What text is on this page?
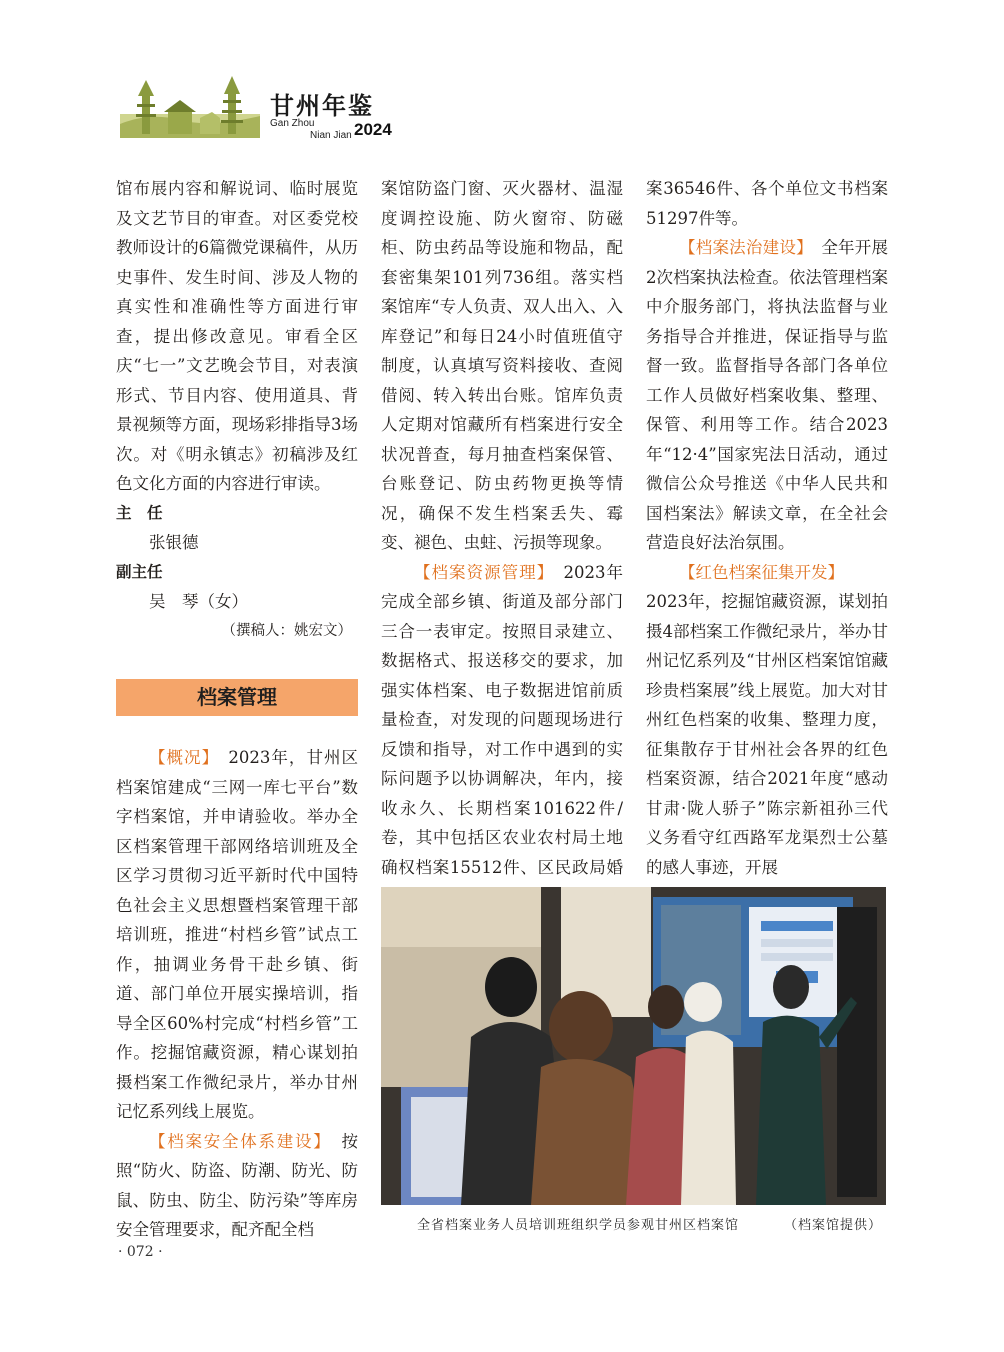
甘州年鉴
Gan Zhou
Nian Jian 2024

馆布展内容和解说词、临时展览及文艺节目的审查。对区委党校教师设计的6篇微党课稿件，从历史事件、发生时间、涉及人物的真实性和准确性等方面进行审查，提出修改意见。审看全区庆“七一”文艺晚会节目，对表演形式、节目内容、使用道具、背景视频等方面，现场彩排指导3场次。对《明永镇志》初稿涉及红色文化方面的内容进行审读。

主　任

张银德

副主任

吴　琴（女）

（撰稿人：姚宏文）

档案管理

【概况】　2023年，甘州区档案馆建成“三网一库七平台”数字档案馆，并申请验收。举办全区档案管理干部网络培训班及全区学习贯彻习近平新时代中国特色社会主义思想暨档案管理干部培训班，推进“村档乡管”试点工作，抽调业务骨干赴乡镇、街道、部门单位开展实操培训，指导全区60%村完成“村档乡管”工作。挖掘馆藏资源，精心谋划拍摄档案工作微纪录片，举办甘州记忆系列线上展览。

【档案安全体系建设】　按照“防火、防盗、防潮、防光、防鼠、防虫、防尘、防污染”等库房安全管理要求，配齐配全档

案馆防盗门窗、灭火器材、温湿度调控设施、防火窗帘、防磁柜、防虫药品等设施和物品，配套密集架101列736组。落实档案馆库“专人负责、双人出入、入库登记”和每日24小时值班值守制度，认真填写资料接收、查阅借阅、转入转出台账。馆库负责人定期对馆藏所有档案进行安全状况普查，每月抽查档案保管、台账登记、防虫药物更换等情况，确保不发生档案丢失、霉变、褪色、虫蛀、污损等现象。

【档案资源管理】　2023年完成全部乡镇、街道及部分部门三合一表审定。按照目录建立、数据格式、报送移交的要求，加强实体档案、电子数据进馆前质量检查，对发现的问题现场进行反馈和指导，对工作中遇到的实际问题予以协调解决，年内，接收永久、长期档案101622件/卷，其中包括区农业农村局土地确权档案15512件、区民政局婚

案36546件、各个单位文书档案51297件等。

【档案法治建设】　全年开展2次档案执法检查。依法管理档案中介服务部门，将执法监督与业务指导合并推进，保证指导与监督一致。监督指导各部门各单位工作人员做好档案收集、整理、保管、利用等工作。结合2023年“12·4”国家宪法日活动，通过微信公众号推送《中华人民共和国档案法》解读文章，在全社会营造良好法治氛围。

【红色档案征集开发】

2023年，挖掘馆藏资源，谋划拍摄4部档案工作微纪录片，举办甘州记忆系列及“甘州区档案馆馆藏珍贵档案展”线上展览。加大对甘州红色档案的收集、整理力度，征集散存于甘州社会各界的红色档案资源，结合2021年度“感动甘肃·陇人骄子”陈宗新祖孙三代义务看守红西路军龙渠烈士公墓的感人事迹，开展

全省档案业务人员培训班组织学员参观甘州区档案馆	（档案馆提供）
· 072 ·
